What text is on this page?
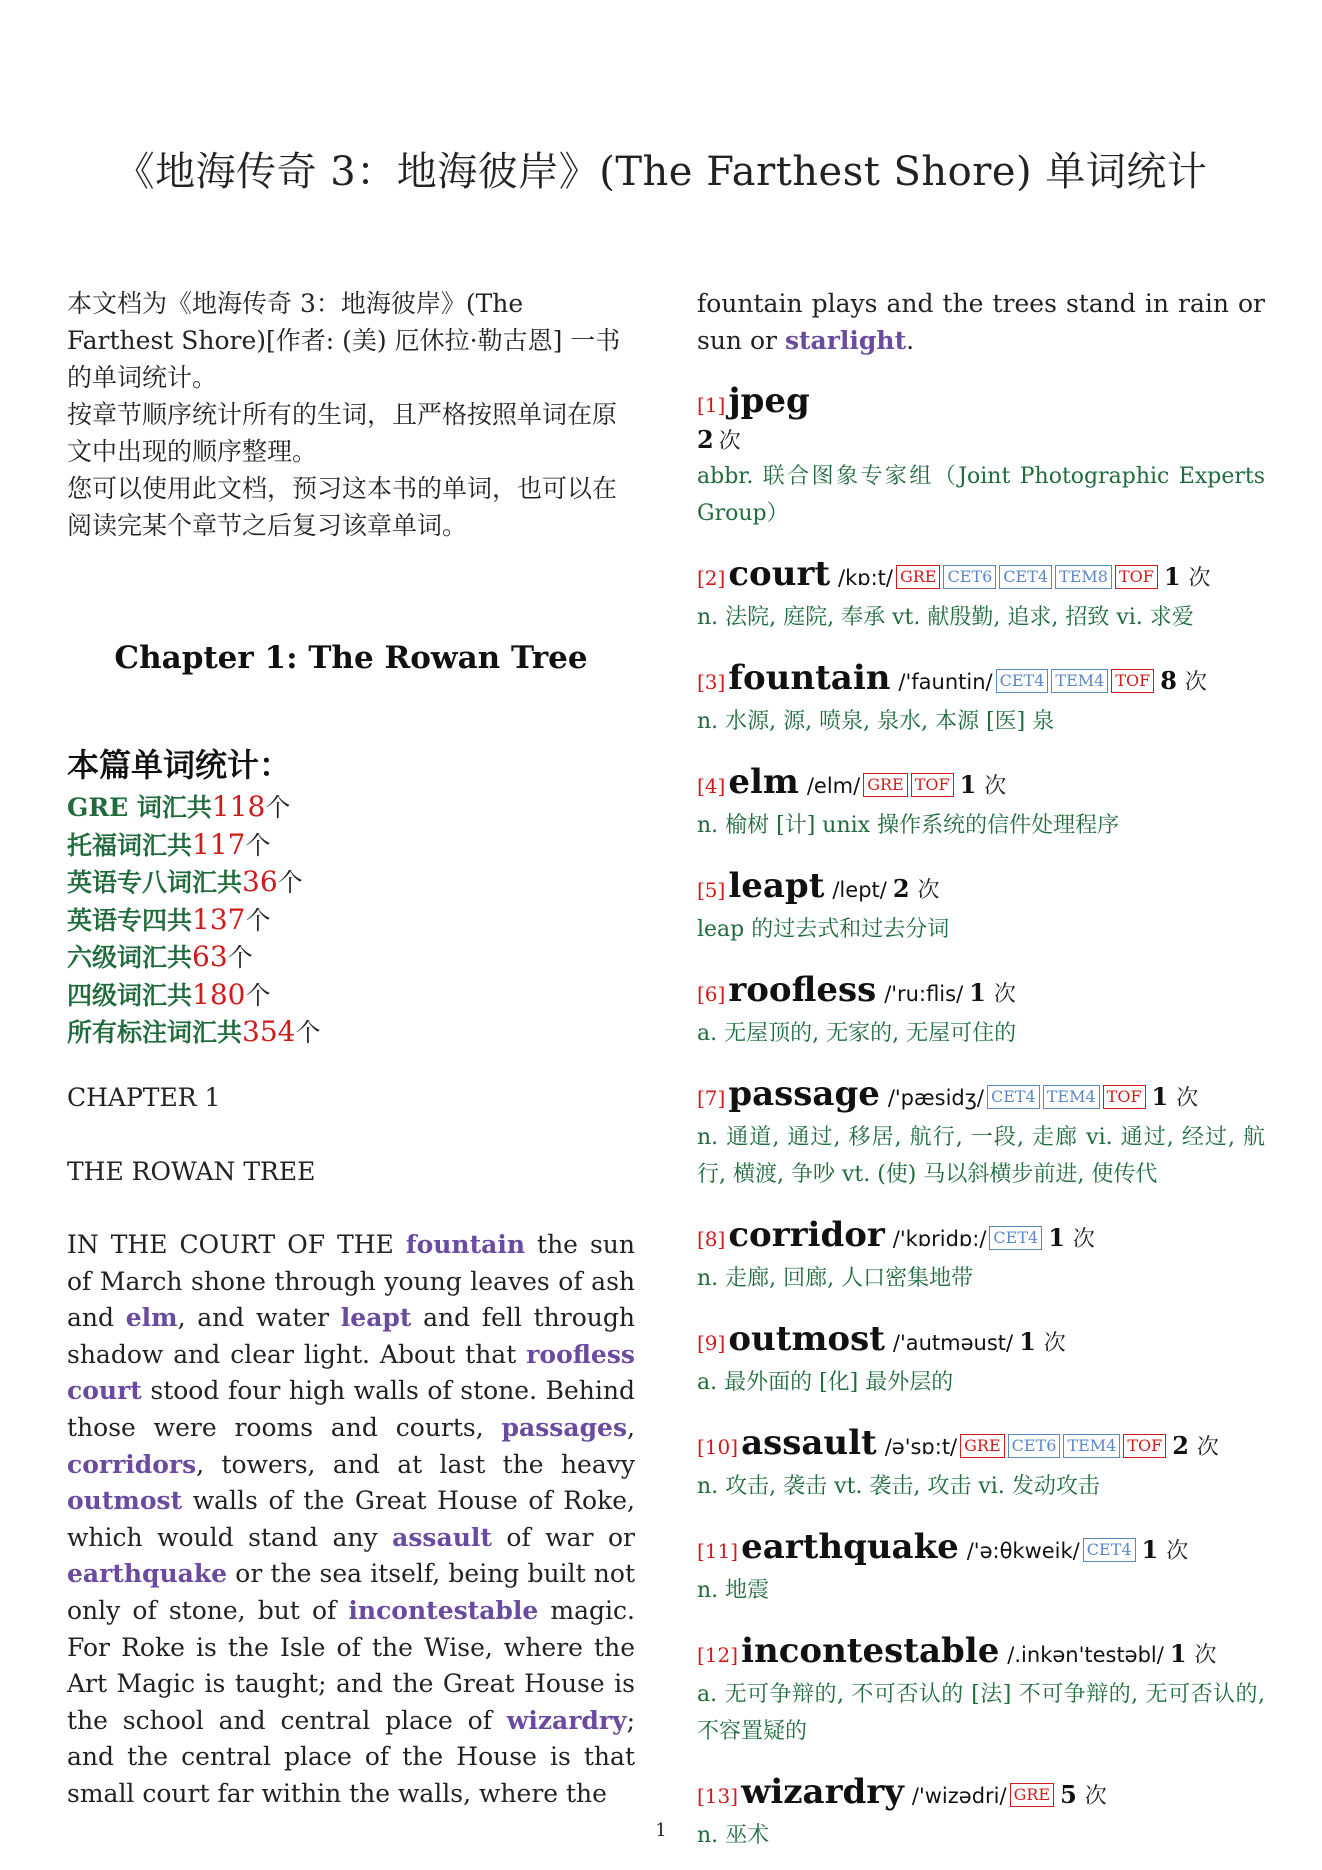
《地海传奇 3：地海彼岸》(The Farthest Shore) 单词统计

本文档为《地海传奇 3：地海彼岸》(The Farthest Shore)[作者: (美) 厄休拉·勒古恩] 一书的单词统计。

按章节顺序统计所有的生词，且严格按照单词在原文中出现的顺序整理。

您可以使用此文档，预习这本书的单词，也可以在阅读完某个章节之后复习该章单词。

Chapter 1: The Rowan Tree
本篇单词统计：
GRE 词汇共118个
托福词汇共117个
英语专八词汇共36个
英语专四共137个
六级词汇共63个
四级词汇共180个
所有标注词汇共354个
CHAPTER 1
THE ROWAN TREE
IN THE COURT OF THE fountain the sun of March shone through young leaves of ash and elm, and water leapt and fell through shadow and clear light. About that roofless court stood four high walls of stone. Behind those were rooms and courts, passages, corridors, towers, and at last the heavy outmost walls of the Great House of Roke, which would stand any assault of war or earthquake or the sea itself, being built not only of stone, but of incontestable magic. For Roke is the Isle of the Wise, where the Art Magic is taught; and the Great House is the school and central place of wizardry; and the central place of the House is that small court far within the walls, where the

fountain plays and the trees stand in rain or sun or starlight.

[1]jpeg
2 次
abbr. 联合图象专家组（Joint Photographic Experts Group）
[2]court /kɒ:t/ GRE CET6 CET4 TEM8 TOF 1 次
n. 法院, 庭院, 奉承 vt. 献殷勤, 追求, 招致 vi. 求爱
[3]fountain /'fauntin/ CET4 TEM4 TOF 8 次
n. 水源, 源, 喷泉, 泉水, 本源 [医] 泉
[4]elm /elm/ GRE TOF 1 次
n. 榆树 [计] unix 操作系统的信件处理程序
[5]leapt /lept/ 2 次
leap 的过去式和过去分词
[6]roofless /'ru:flis/ 1 次
a. 无屋顶的, 无家的, 无屋可住的
[7]passage /'pæsidʒ/ CET4 TEM4 TOF 1 次
n. 通道, 通过, 移居, 航行, 一段, 走廊 vi. 通过, 经过, 航行, 横渡, 争吵 vt. (使) 马以斜横步前进, 使传代
[8]corridor /'kɒridɒ:/ CET4 1 次
n. 走廊, 回廊, 人口密集地带
[9]outmost /'autməust/ 1 次
a. 最外面的 [化] 最外层的
[10]assault /ə'sɒ:t/ GRE CET6 TEM4 TOF 2 次
n. 攻击, 袭击 vt. 袭击, 攻击 vi. 发动攻击
[11]earthquake /'ə:θkweik/ CET4 1 次
n. 地震
[12]incontestable /.inkən'testəbl/ 1 次
a. 无可争辩的, 不可否认的 [法] 不可争辩的, 无可否认的, 不容置疑的
[13]wizardry /'wizədri/ GRE 5 次
n. 巫术
1
